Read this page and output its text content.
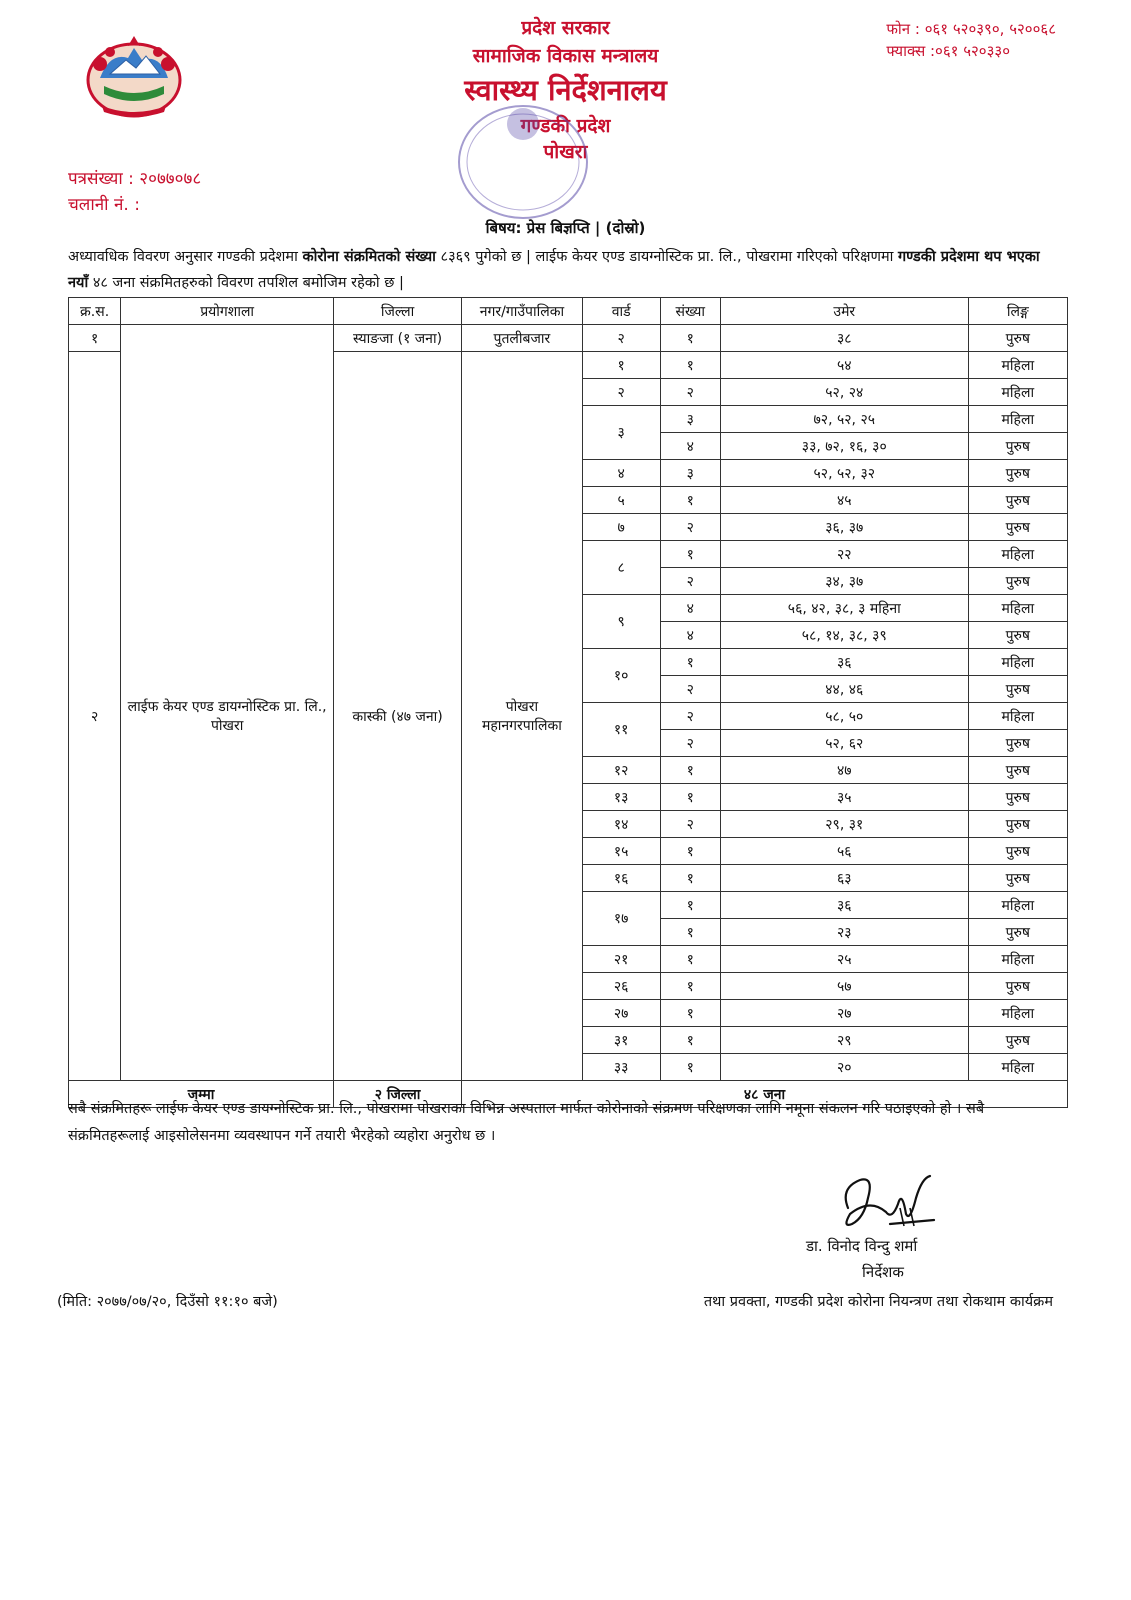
प्रदेश सरकार
सामाजिक विकास मन्त्रालय
स्वास्थ्य निर्देशनालय
गण्डकी प्रदेश
पोखरा
फोन : ०६१ ५२०३९०, ५२००६८
फ्याक्स :०६१ ५२०३३०
पत्रसंख्या : २०७७०७८
चलानी नं. :
बिषय: प्रेस बिज्ञप्ति | (दोस्रो)
अध्यावधिक विवरण अनुसार गण्डकी प्रदेशमा कोरोना संक्रमितको संख्या ८३६९ पुगेको छ | लाईफ केयर एण्ड डायग्नोस्टिक प्रा. लि., पोखरामा गरिएको परिक्षणमा गण्डकी प्रदेशमा थप भएका नयाँ ४८ जना संक्रमितहरुको विवरण तपशिल बमोजिम रहेको छ |
क्र.स.	प्रयोगशाला	जिल्ला	नगर/गाउँपालिका	वार्ड	संख्या	उमेर	लिङ्ग
१		स्याङजा (१ जना)	पुतलीबजार	२	१	३८	पुरुष
२	लाईफ केयर एण्ड डायग्नोस्टिक प्रा. लि., पोखरा	कास्की (४७ जना)	पोखरा महानगरपालिका	१	१	५४	महिला
				२	२	५२, २४	महिला
				३	३	७२, ५२, २५	महिला
					४	३३, ७२, १६, ३०	पुरुष
				४	३	५२, ५२, ३२	पुरुष
				५	१	४५	पुरुष
				७	२	३६, ३७	पुरुष
				८	१	२२	महिला
					२	३४, ३७	पुरुष
				९	४	५६, ४२, ३८, ३ महिना	महिला
					४	५८, १४, ३८, ३९	पुरुष
				१०	१	३६	महिला
					२	४४, ४६	पुरुष
				११	२	५८, ५०	महिला
					२	५२, ६२	पुरुष
				१२	१	४७	पुरुष
				१३	१	३५	पुरुष
				१४	२	२९, ३१	पुरुष
				१५	१	५६	पुरुष
				१६	१	६३	पुरुष
				१७	१	३६	महिला
					१	२३	पुरुष
				२१	१	२५	महिला
				२६	१	५७	पुरुष
				२७	१	२७	महिला
				३१	१	२९	पुरुष
				३३	१	२०	महिला
जम्मा		२ जिल्ला	४८ जना				
सबै संक्रमितहरू लाईफ केयर एण्ड डायग्नोस्टिक प्रा. लि., पोखरामा पोखराका विभिन्न अस्पताल मार्फत कोरोनाको संक्रमण परिक्षणका लागि नमूना संकलन गरि पठाइएको हो । सबै संक्रमितहरूलाई आइसोलेसनमा व्यवस्थापन गर्ने तयारी भैरहेको व्यहोरा अनुरोध छ ।
डा. विनोद विन्दु शर्मा
निर्देशक
(मिति: २०७७/०७/२०, दिउँसो ११:१० बजे)	तथा प्रवक्ता, गण्डकी प्रदेश कोरोना नियन्त्रण तथा रोकथाम कार्यक्रम
